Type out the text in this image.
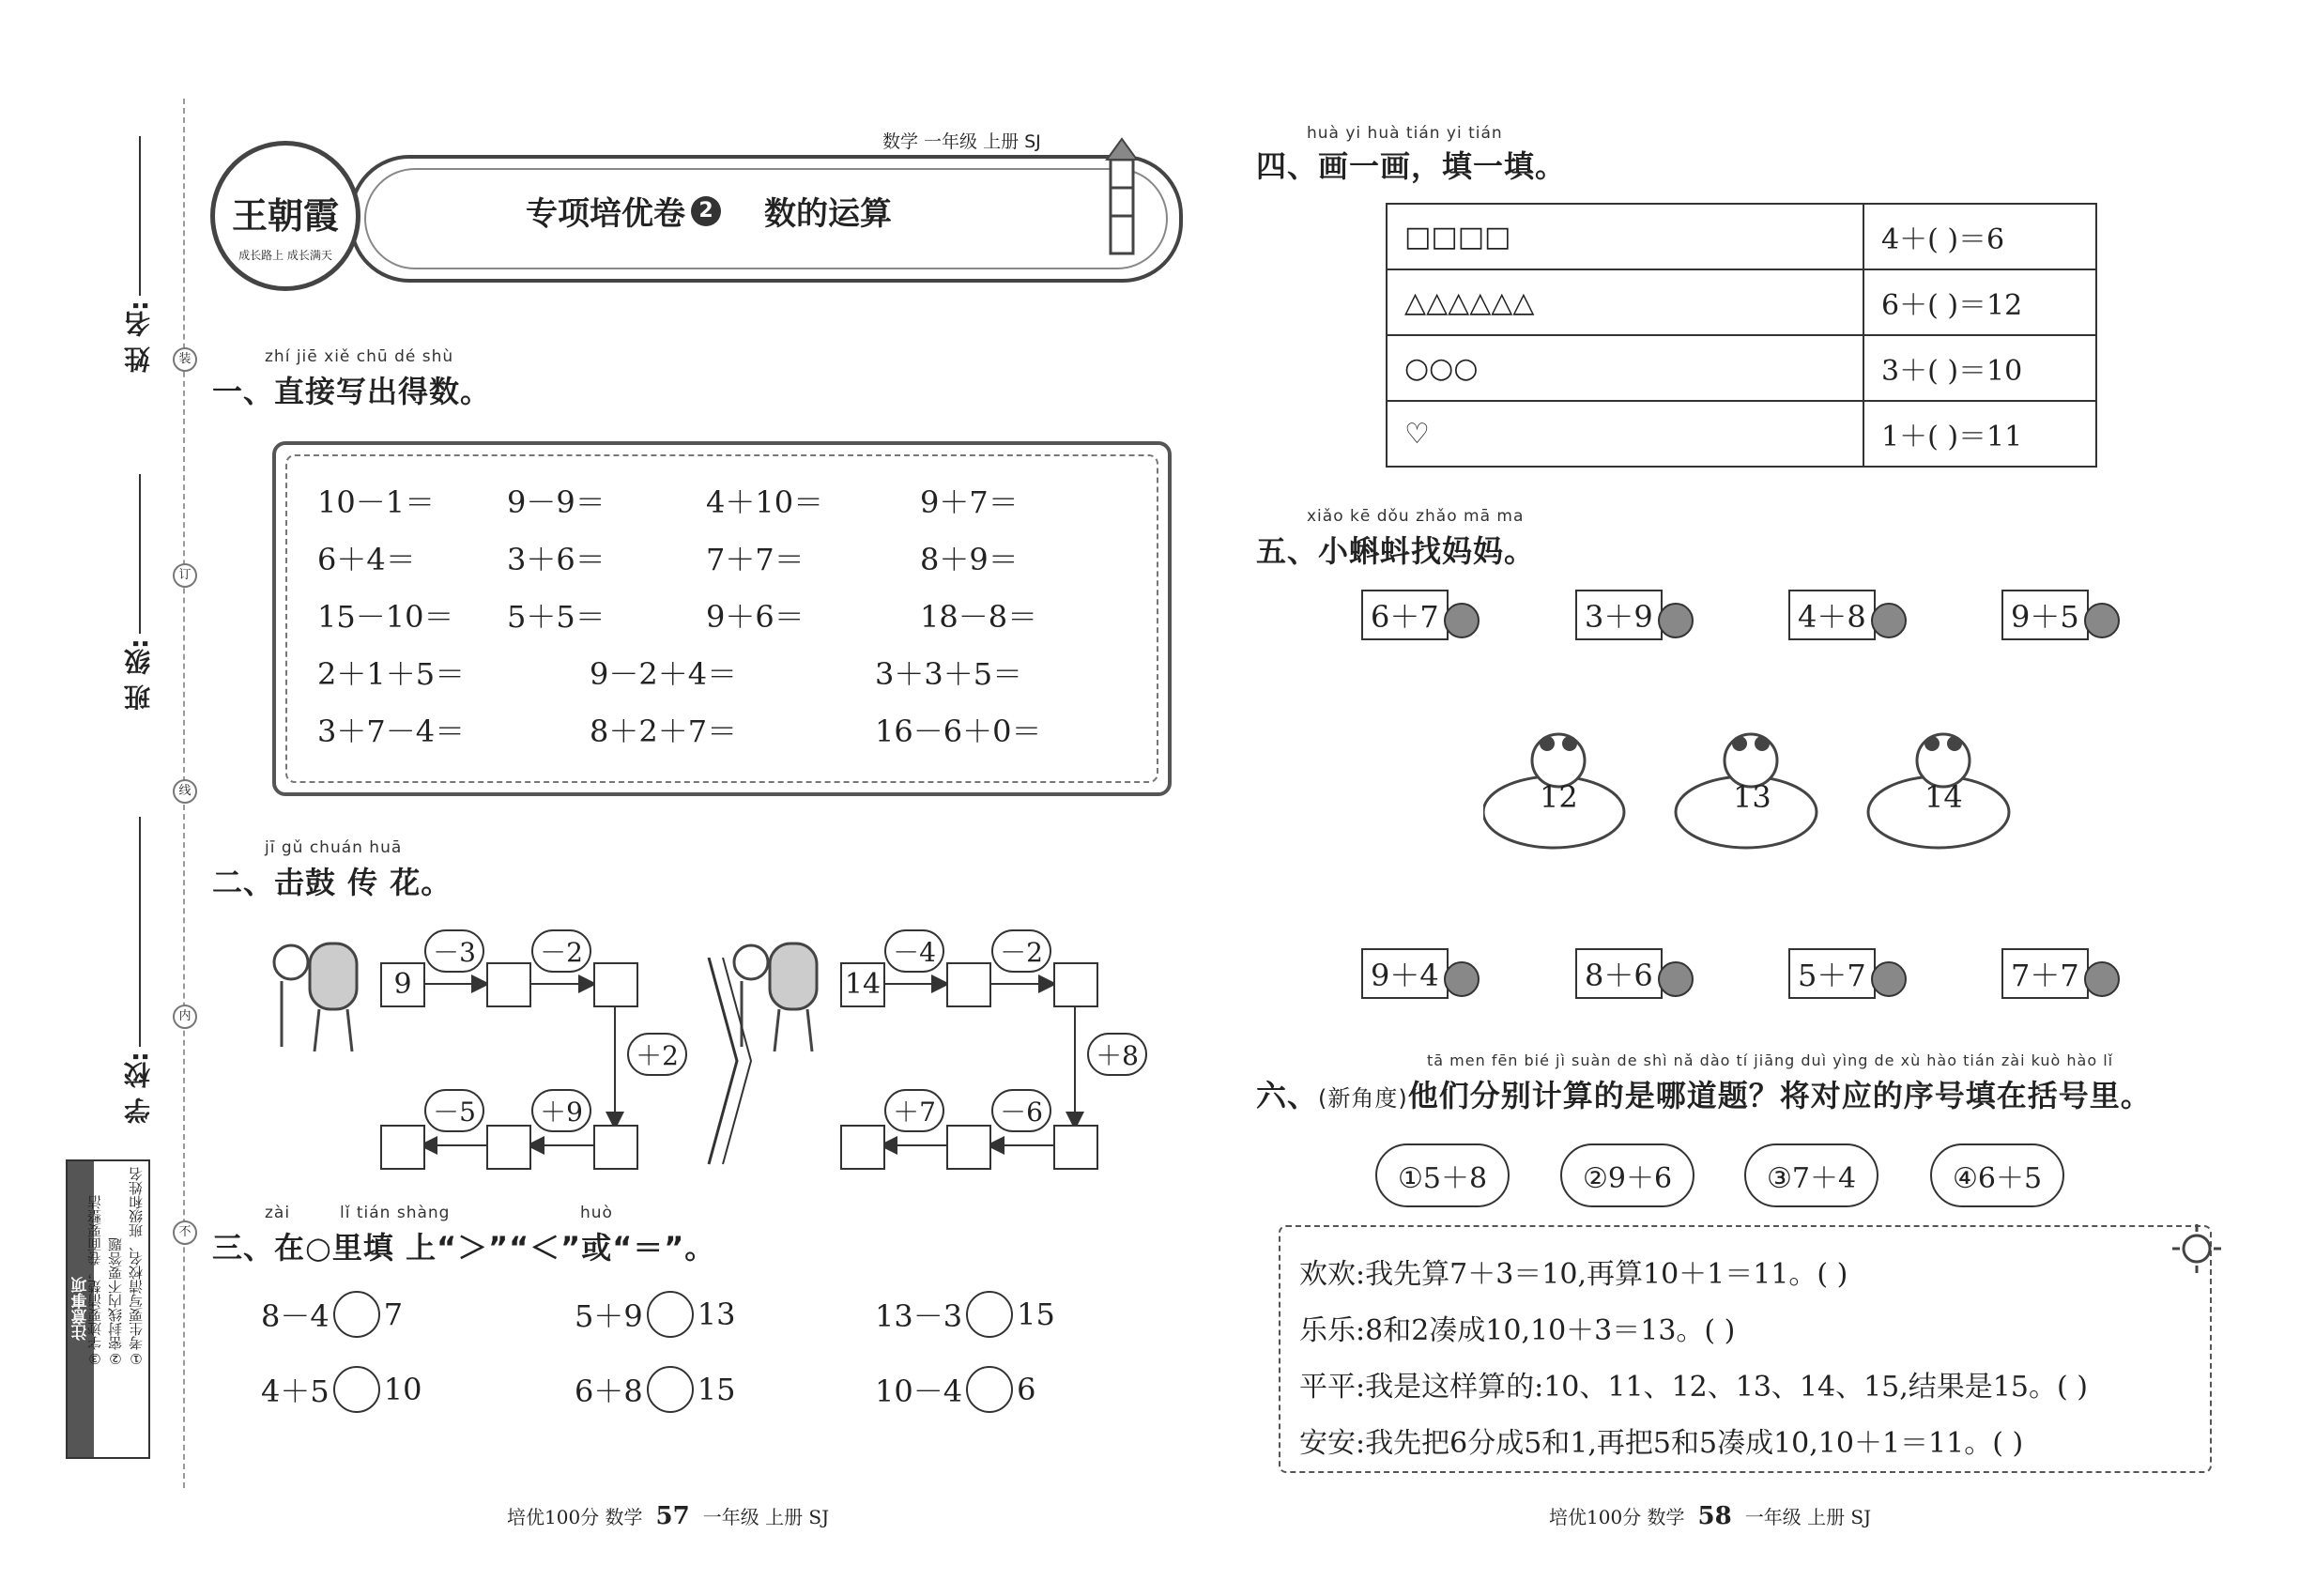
姓 名:
班 级:
学 校:
装
订
线
内
不
注意事项	①考生要写清校名、班级和姓名
②密封线内不要答题
③字迹要清楚，卷面要整洁
王朝霞
成长路上 成长满天
数学 一年级 上册 SJ
专项培优卷 2 数的运算
zhí jiē xiě chū dé shù
一、直接写出得数。
10－1＝ 9－9＝	4＋10＝	9＋7＝
6＋4＝	3＋6＝	7＋7＝	8＋9＝
15－10＝ 5＋5＝	9＋6＝	18－8＝
2＋1＋5＝	9－2＋4＝	3＋3＋5＝
3＋7－4＝	8＋2＋7＝	16－6＋0＝
jī gǔ chuán huā
二、击鼓 传 花。
9
－3	－2
＋2
＋9
－5
14
－4	－2
＋8
－6
＋7
zài	lǐ tián shàng	huò
三、在○里填 上“＞”“＜”或“＝”。
8－4 7	5＋9 13	13－3 15
4＋5 10	6＋8 15	10－4 6
培优100分 数学 57 一年级 上册 SJ
huà yi huà tián yi tián
四、画一画，填一填。
□□□□	4＋( )＝6
△△△△△△	6＋( )＝12
○○○	3＋( )＝10
♡	1＋( )＝11
xiǎo kē dǒu zhǎo mā ma
五、小蝌蚪找妈妈。
6＋7	3＋9	4＋8	9＋5
12	13	14
9＋4	8＋6	5＋7	7＋7
tā men fēn bié jì suàn de shì nǎ dào tí jiāng duì yìng de xù hào tián zài kuò hào lǐ
六、 (新角度) 他们分别计算的是哪道题？将对应的序号填在括号里。
①5＋8	②9＋6	③7＋4	④6＋5
欢欢:我先算7＋3＝10,再算10＋1＝11。( )
乐乐:8和2凑成10,10＋3＝13。( )
平平:我是这样算的:10、11、12、13、14、15,结果是15。( )
安安:我先把6分成5和1,再把5和5凑成10,10＋1＝11。( )
培优100分 数学 58 一年级 上册 SJ
